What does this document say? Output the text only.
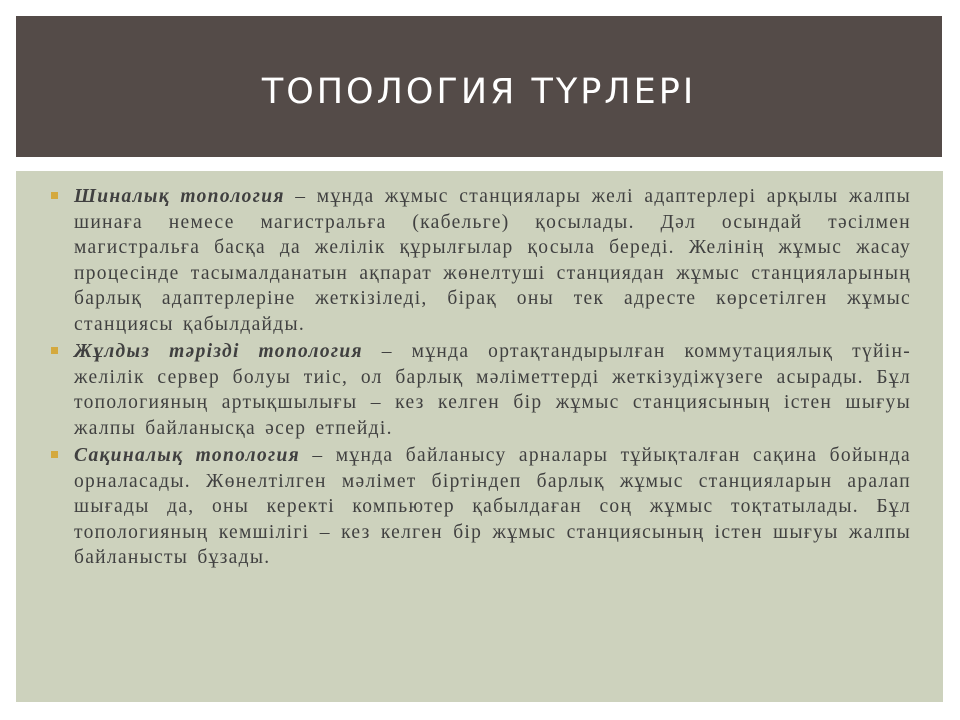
ТОПОЛОГИЯ ТҮРЛЕРІ
Шиналық топология – мұнда жұмыс станциялары желі адаптерлері арқылы жалпы шинаға немесе магистральға (кабельге) қосылады. Дәл осындай тәсілмен магистральға басқа да желілік құрылғылар қосыла береді. Желінің жұмыс жасау процесінде тасымалданатын ақпарат жөнелтуші станциядан жұмыс станцияларының барлық адаптерлеріне жеткізіледі, бірақ оны тек адресте көрсетілген жұмыс станциясы қабылдайды.
Жұлдыз тәрізді топология – мұнда ортақтандырылған коммутациялық түйін-желілік сервер болуы тиіс, ол барлық мәліметтерді жеткізудіжүзеге асырады. Бұл топологияның артықшылығы – кез келген бір жұмыс станциясының істен шығуы жалпы байланысқа әсер етпейді.
Сақиналық топология – мұнда байланысу арналары тұйықталған сақина бойында орналасады. Жөнелтілген мәлімет біртіндеп барлық жұмыс станцияларын аралап шығады да, оны керекті компьютер қабылдаған соң жұмыс тоқтатылады. Бұл топологияның кемшілігі – кез келген бір жұмыс станциясының істен шығуы жалпы байланысты бұзады.
